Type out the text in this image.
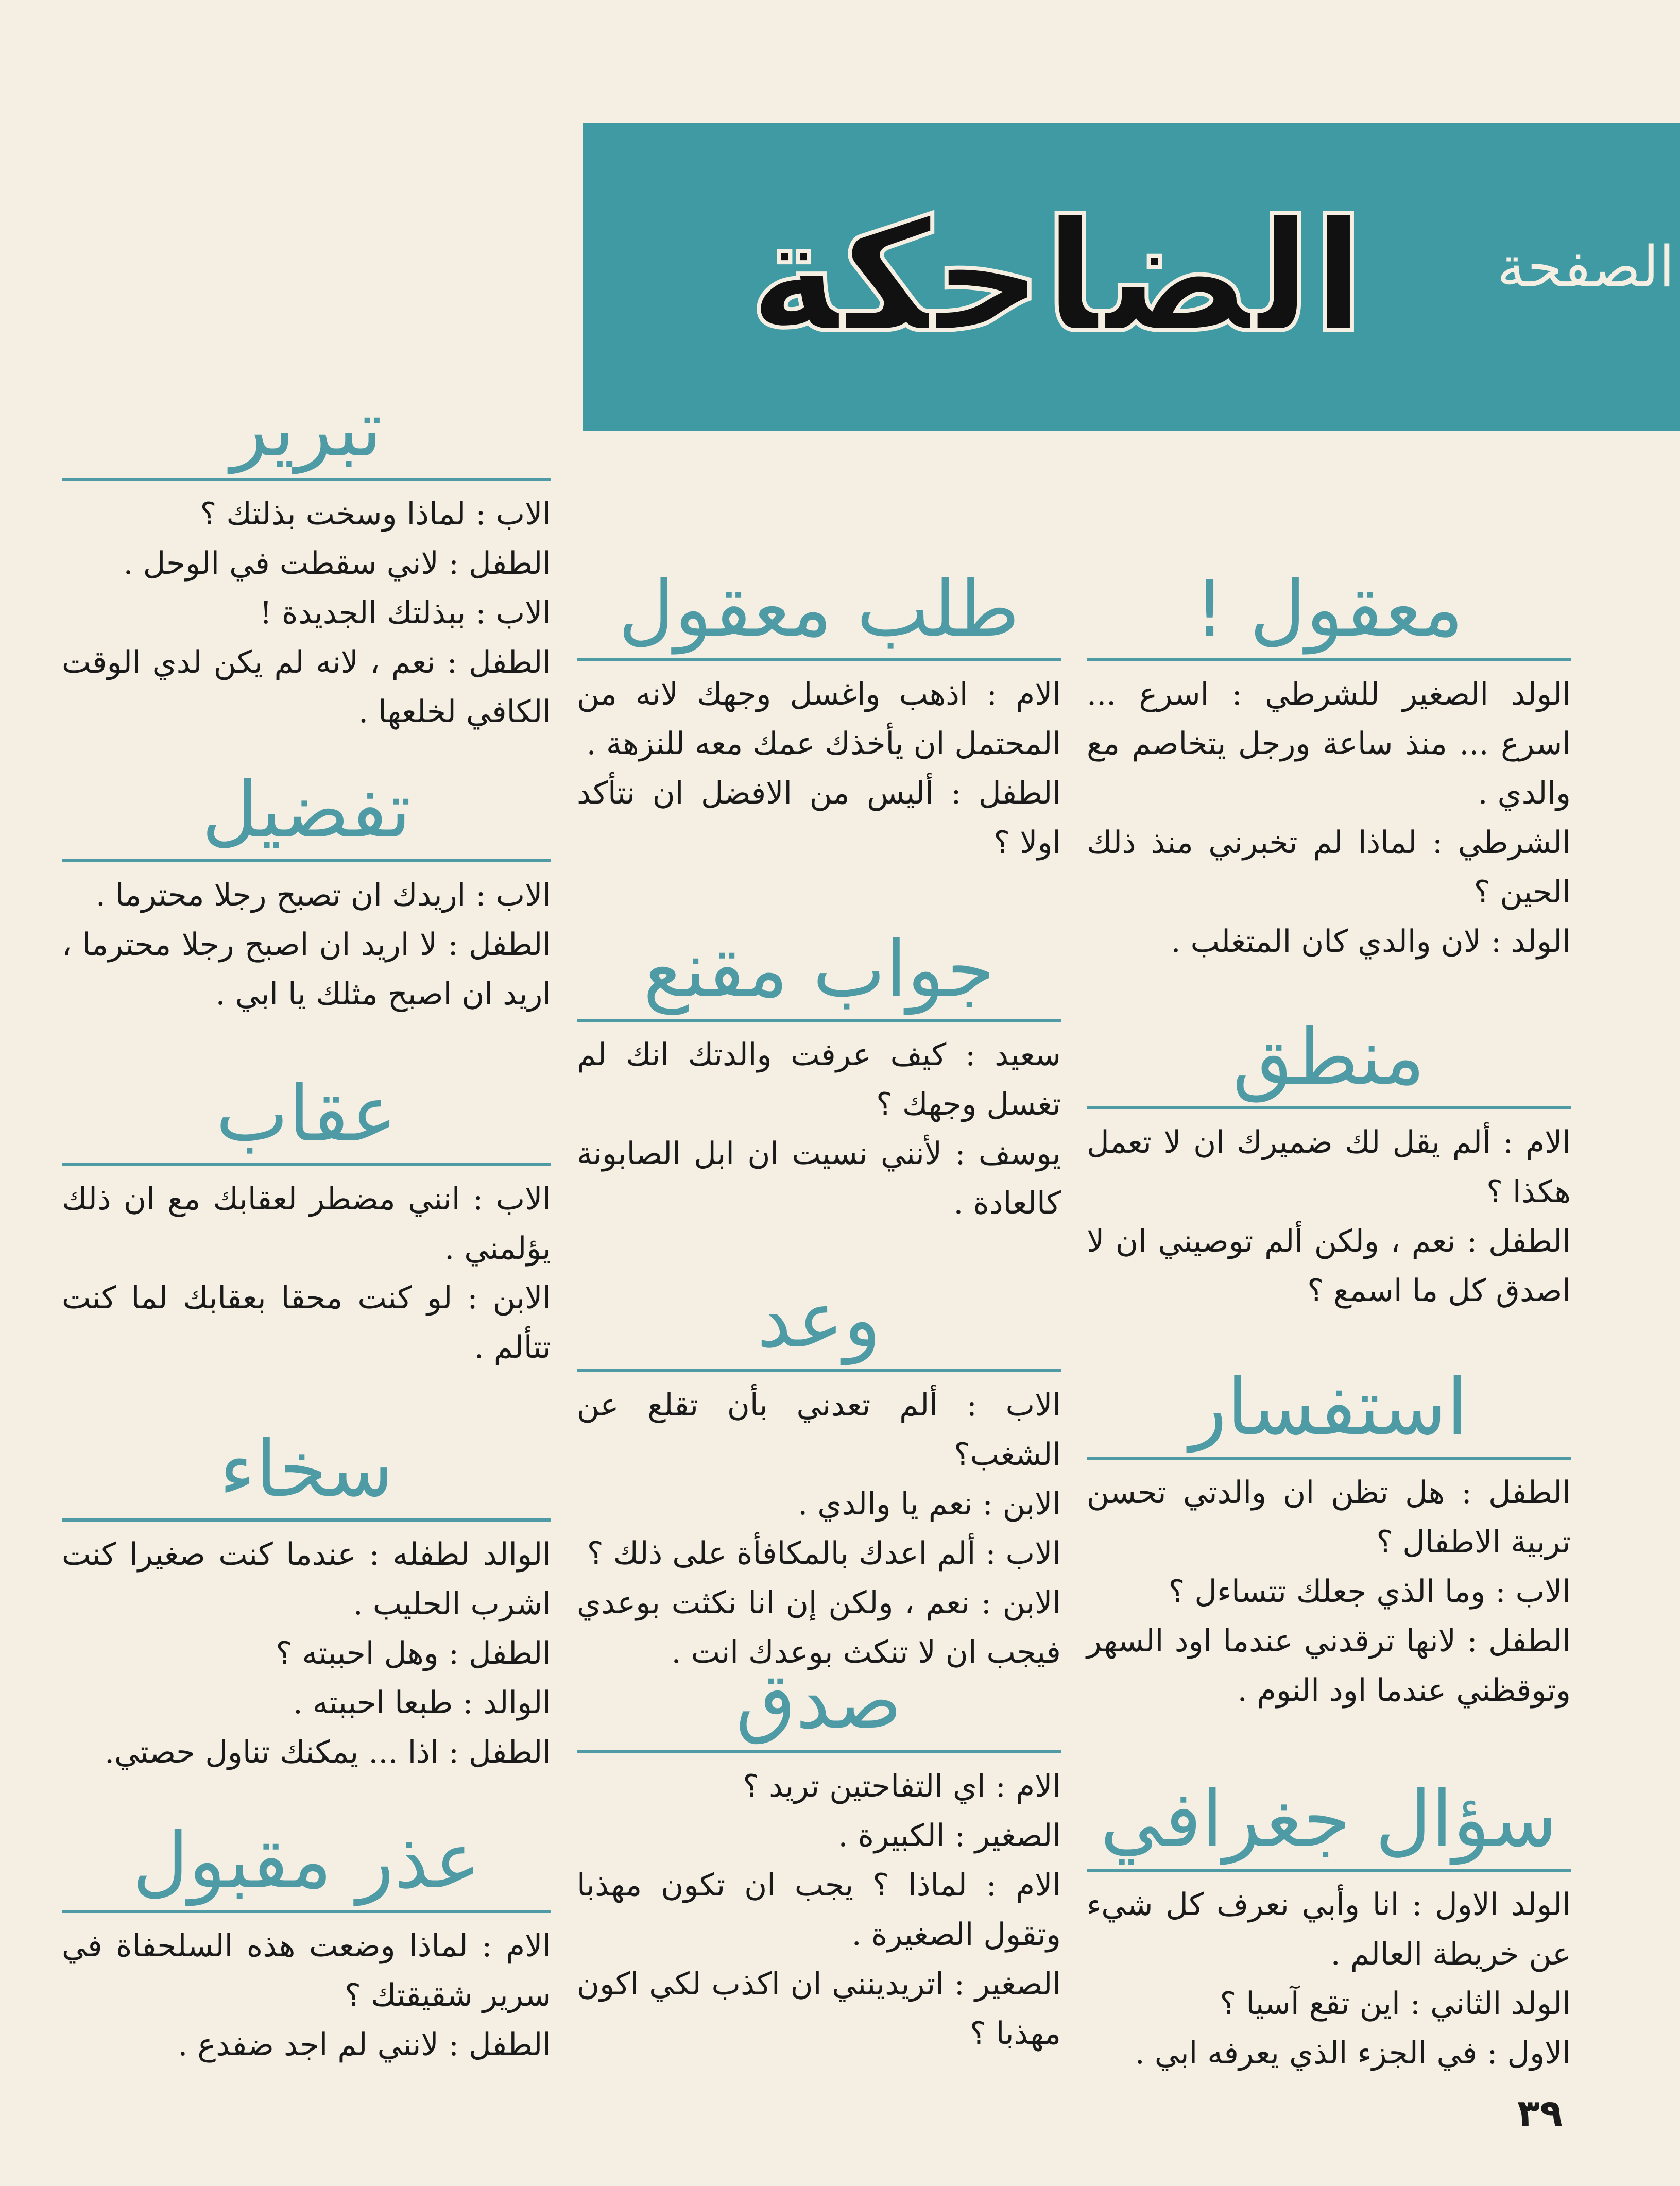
الضاحكة	الصفحة
تبرير

الاب : لماذا وسخت بذلتك ؟

الطفل : لاني سقطت في الوحل .

الاب : ببذلتك الجديدة !

الطفل : نعم ، لانه لم يكن لدي الوقت الكافي لخلعها .

تفضيل

الاب : اريدك ان تصبح رجلا محترما .

الطفل : لا اريد ان اصبح رجلا محترما ، اريد ان اصبح مثلك يا ابي .

عقاب

الاب : انني مضطر لعقابك مع ان ذلك يؤلمني .

الابن : لو كنت محقا بعقابك لما كنت تتألم .

سخاء

الوالد لطفله : عندما كنت صغيرا كنت اشرب الحليب .

الطفل : وهل احببته ؟

الوالد : طبعا احببته .

الطفل : اذا ... يمكنك تناول حصتي.

عذر مقبول

الام : لماذا وضعت هذه السلحفاة في سرير شقيقتك ؟

الطفل : لانني لم اجد ضفدع .

طلب معقول

الام : اذهب واغسل وجهك لانه من المحتمل ان يأخذك عمك معه للنزهة .

الطفل : أليس من الافضل ان نتأكد اولا ؟

جواب مقنع

سعيد : كيف عرفت والدتك انك لم تغسل وجهك ؟

يوسف : لأنني نسيت ان ابل الصابونة كالعادة .

وعد

الاب : ألم تعدني بأن تقلع عن الشغب؟

الابن : نعم يا والدي .

الاب : ألم اعدك بالمكافأة على ذلك ؟

الابن : نعم ، ولكن إن انا نكثت بوعدي فيجب ان لا تنكث بوعدك انت .

صدق

الام : اي التفاحتين تريد ؟

الصغير : الكبيرة .

الام : لماذا ؟ يجب ان تكون مهذبا وتقول الصغيرة .

الصغير : اتريدينني ان اكذب لكي اكون مهذبا ؟

معقول !

الولد الصغير للشرطي : اسرع ... اسرع ... منذ ساعة ورجل يتخاصم مع والدي .

الشرطي : لماذا لم تخبرني منذ ذلك الحين ؟

الولد : لان والدي كان المتغلب .

منطق

الام : ألم يقل لك ضميرك ان لا تعمل هكذا ؟

الطفل : نعم ، ولكن ألم توصيني ان لا اصدق كل ما اسمع ؟

استفسار

الطفل : هل تظن ان والدتي تحسن تربية الاطفال ؟

الاب : وما الذي جعلك تتساءل ؟

الطفل : لانها ترقدني عندما اود السهر وتوقظني عندما اود النوم .

سؤال جغرافي

الولد الاول : انا وأبي نعرف كل شيء عن خريطة العالم .

الولد الثاني : اين تقع آسيا ؟

الاول : في الجزء الذي يعرفه ابي .

٣٩
